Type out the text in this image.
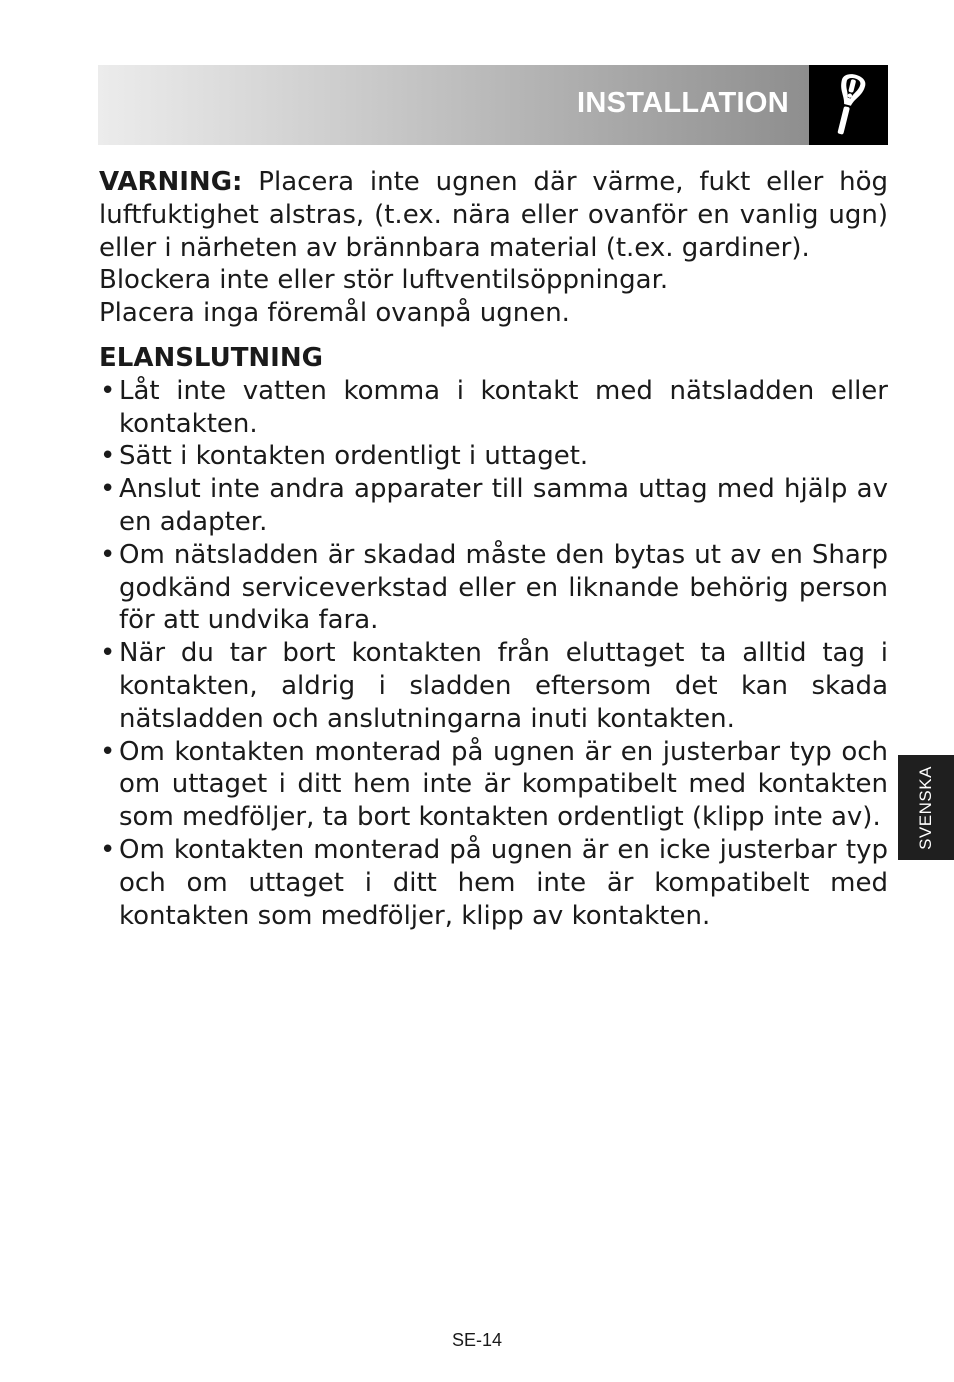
INSTALLATION

VARNING: Placera inte ugnen där värme, fukt eller hög luftfuktighet alstras, (t.ex. nära eller ovanför en vanlig ugn) eller i närheten av brännbara material (t.ex. gardiner).
Blockera inte eller stör luftventilsöppningar.
Placera inga föremål ovanpå ugnen.

ELANSLUTNING
• Låt inte vatten komma i kontakt med nätsladden eller kontakten.
• Sätt i kontakten ordentligt i uttaget.
• Anslut inte andra apparater till samma uttag med hjälp av en adapter.
• Om nätsladden är skadad måste den bytas ut av en Sharp godkänd serviceverkstad eller en liknande behörig person för att undvika fara.
• När du tar bort kontakten från eluttaget ta alltid tag i kontakten, aldrig i sladden eftersom det kan skada nätsladden och anslutningarna inuti kontakten.
• Om kontakten monterad på ugnen är en justerbar typ och om uttaget i ditt hem inte är kompatibelt med kontakten som medföljer, ta bort kontakten ordentligt (klipp inte av).
• Om kontakten monterad på ugnen är en icke justerbar typ och om uttaget i ditt hem inte är kompatibelt med kontakten som medföljer, klipp av kontakten.
SVENSKA
SE-14
